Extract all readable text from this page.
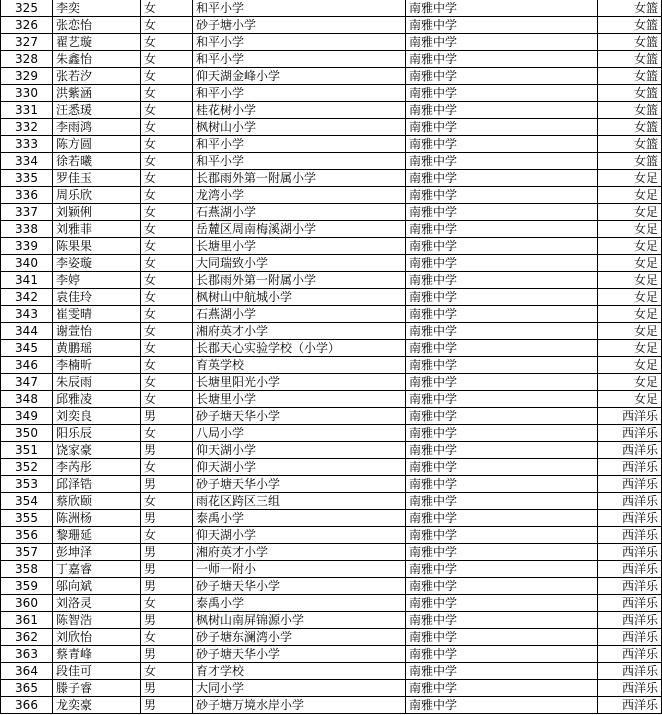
325	李奕	女	和平小学	南雅中学	女篮
326	张恋怡	女	砂子塘小学	南雅中学	女篮
327	翟艺璇	女	和平小学	南雅中学	女篮
328	朱鑫怡	女	和平小学	南雅中学	女篮
329	张若汐	女	仰天湖金峰小学	南雅中学	女篮
330	洪紫涵	女	和平小学	南雅中学	女篮
331	汪悉瑗	女	桂花树小学	南雅中学	女篮
332	李雨鸿	女	枫树山小学	南雅中学	女篮
333	陈方圆	女	和平小学	南雅中学	女篮
334	徐若曦	女	和平小学	南雅中学	女篮
335	罗佳玉	女	长郡雨外第一附属小学	南雅中学	女足
336	周乐欣	女	龙湾小学	南雅中学	女足
337	刘颖俐	女	石燕湖小学	南雅中学	女足
338	刘雅菲	女	岳麓区周南梅溪湖小学	南雅中学	女足
339	陈果果	女	长塘里小学	南雅中学	女足
340	李姿璇	女	大同瑞致小学	南雅中学	女足
341	李婷	女	长郡雨外第一附属小学	南雅中学	女足
342	袁佳玲	女	枫树山中航城小学	南雅中学	女足
343	崔雯晴	女	石燕湖小学	南雅中学	女足
344	谢萱怡	女	湘府英才小学	南雅中学	女足
345	黄鹏瑶	女	长郡天心实验学校（小学）	南雅中学	女足
346	李楠昕	女	育英学校	南雅中学	女足
347	朱辰雨	女	长塘里阳光小学	南雅中学	女足
348	邱雅凌	女	长塘里小学	南雅中学	女足
349	刘奕良	男	砂子塘天华小学	南雅中学	西洋乐
350	阳乐辰	女	八局小学	南雅中学	西洋乐
351	饶家豪	男	仰天湖小学	南雅中学	西洋乐
352	李芮彤	女	仰天湖小学	南雅中学	西洋乐
353	邱泽锆	男	砂子塘天华小学	南雅中学	西洋乐
354	蔡欣颐	女	雨花区跨区三组	南雅中学	西洋乐
355	陈洲杨	男	泰禹小学	南雅中学	西洋乐
356	黎珊延	女	仰天湖小学	南雅中学	西洋乐
357	彭坤泽	男	湘府英才小学	南雅中学	西洋乐
358	丁嘉睿	男	一师一附小	南雅中学	西洋乐
359	邬向斌	男	砂子塘天华小学	南雅中学	西洋乐
360	刘洛灵	女	泰禹小学	南雅中学	西洋乐
361	陈智浩	男	枫树山南屏锦源小学	南雅中学	西洋乐
362	刘欣怡	女	砂子塘东澜湾小学	南雅中学	西洋乐
363	蔡青峰	男	砂子塘天华小学	南雅中学	西洋乐
364	段佳可	女	育才学校	南雅中学	西洋乐
365	滕子睿	男	大同小学	南雅中学	西洋乐
366	龙奕豪	男	砂子塘万境水岸小学	南雅中学	西洋乐
